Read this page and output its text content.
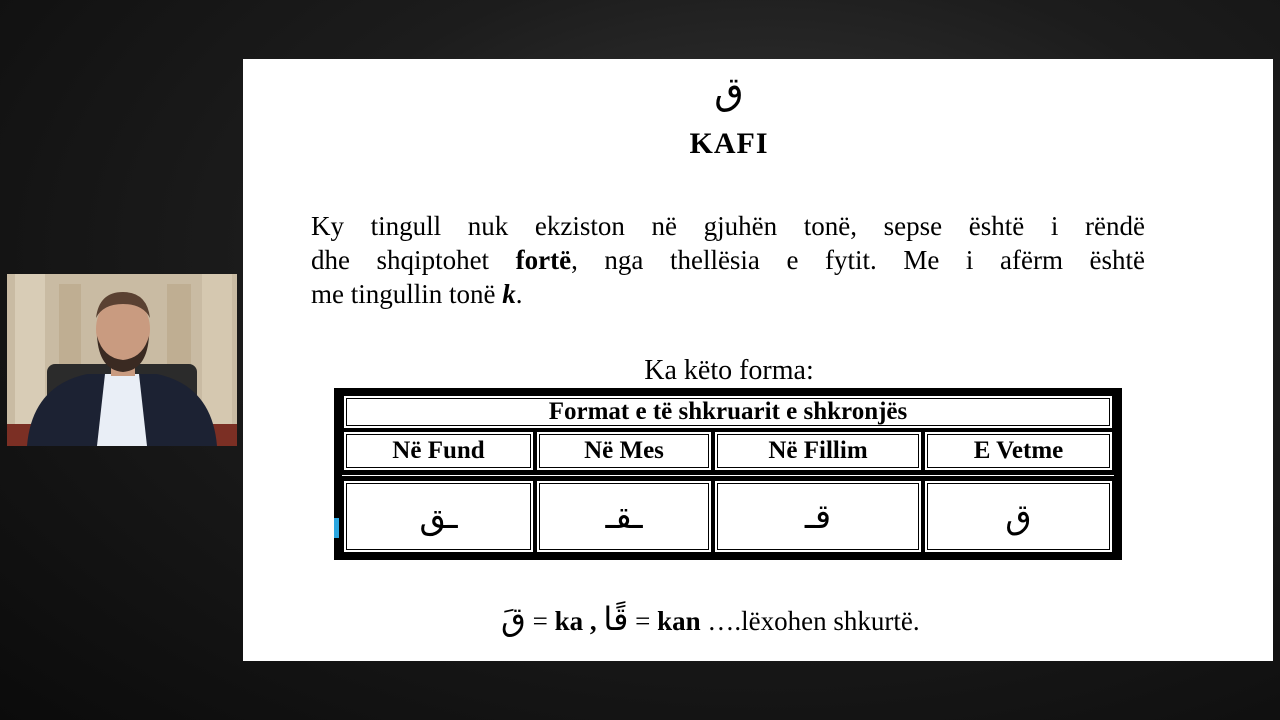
ق
KAFI
Ky tingull nuk ekziston në gjuhën tonë, sepse është i rëndë
dhe shqiptohet fortë, nga thellësia e fytit. Me i afërm është
me tingullin tonë k.
Ka këto forma:
Format e të shkruarit e shkronjës
Në Fund	Në Mes	Në Fillim	E Vetme
ـق	ـقـ	قـ	ق
قَ = ka , قًا = kan ….lëxohen shkurtë.
